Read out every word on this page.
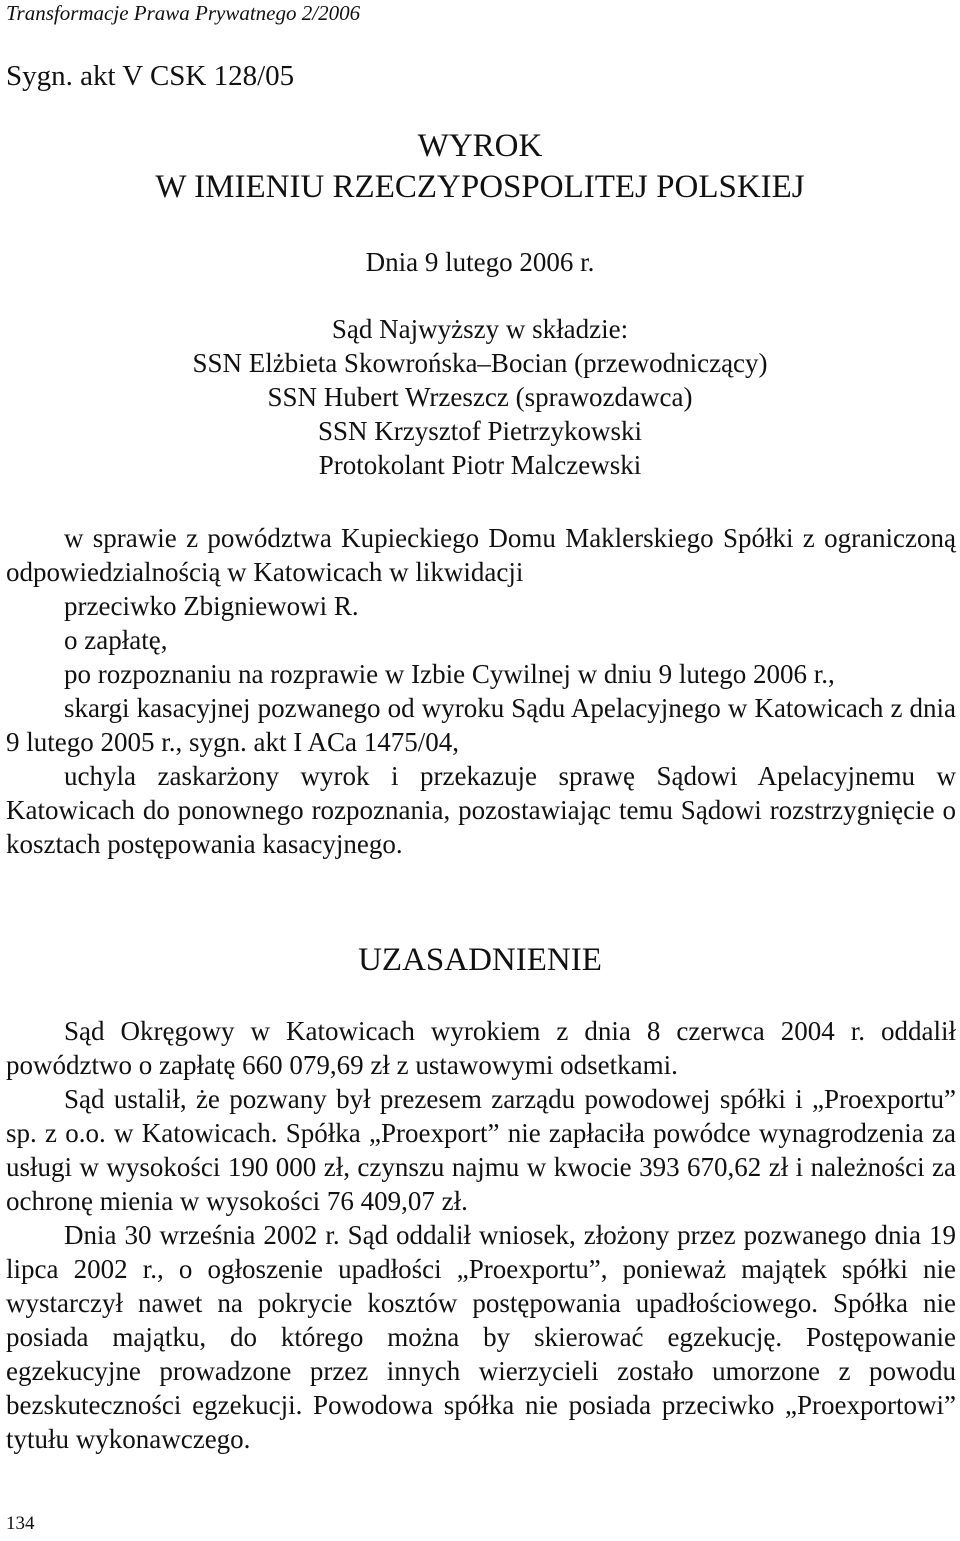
Transformacje Prawa Prywatnego 2/2006
Sygn. akt V CSK 128/05
WYROK
W IMIENIU RZECZYPOSPOLITEJ POLSKIEJ
Dnia 9 lutego 2006 r.
Sąd Najwyższy w składzie:
SSN Elżbieta Skowrońska–Bocian (przewodniczący)
SSN Hubert Wrzeszcz (sprawozdawca)
SSN Krzysztof Pietrzykowski
Protokolant Piotr Malczewski

w sprawie z powództwa Kupieckiego Domu Maklerskiego Spółki z ograniczoną odpowiedzialnością w Katowicach w likwidacji

przeciwko Zbigniewowi R.

o zapłatę,

po rozpoznaniu na rozprawie w Izbie Cywilnej w dniu 9 lutego 2006 r.,

skargi kasacyjnej pozwanego od wyroku Sądu Apelacyjnego w Katowicach z dnia 9 lutego 2005 r., sygn. akt I ACa 1475/04,

uchyla zaskarżony wyrok i przekazuje sprawę Sądowi Apelacyjnemu w Katowicach do ponownego rozpoznania, pozostawiając temu Sądowi rozstrzygnięcie o kosztach postępowania kasacyjnego.

UZASADNIENIE

Sąd Okręgowy w Katowicach wyrokiem z dnia 8 czerwca 2004 r. oddalił powództwo o zapłatę 660 079,69 zł z ustawowymi odsetkami.

Sąd ustalił, że pozwany był prezesem zarządu powodowej spółki i „Proexportu” sp. z o.o. w Katowicach. Spółka „Proexport” nie zapłaciła powódce wynagrodzenia za usługi w wysokości 190 000 zł, czynszu najmu w kwocie 393 670,62 zł i należności za ochronę mienia w wysokości 76 409,07 zł.

Dnia 30 września 2002 r. Sąd oddalił wniosek, złożony przez pozwanego dnia 19 lipca 2002 r., o ogłoszenie upadłości „Proexportu”, ponieważ majątek spółki nie wystarczył nawet na pokrycie kosztów postępowania upadłościowego. Spółka nie posiada majątku, do którego można by skierować egzekucję. Postępowanie egzekucyjne prowadzone przez innych wierzycieli zostało umorzone z powodu bezskuteczności egzekucji. Powodowa spółka nie posiada przeciwko „Proexportowi” tytułu wykonawczego.

134
